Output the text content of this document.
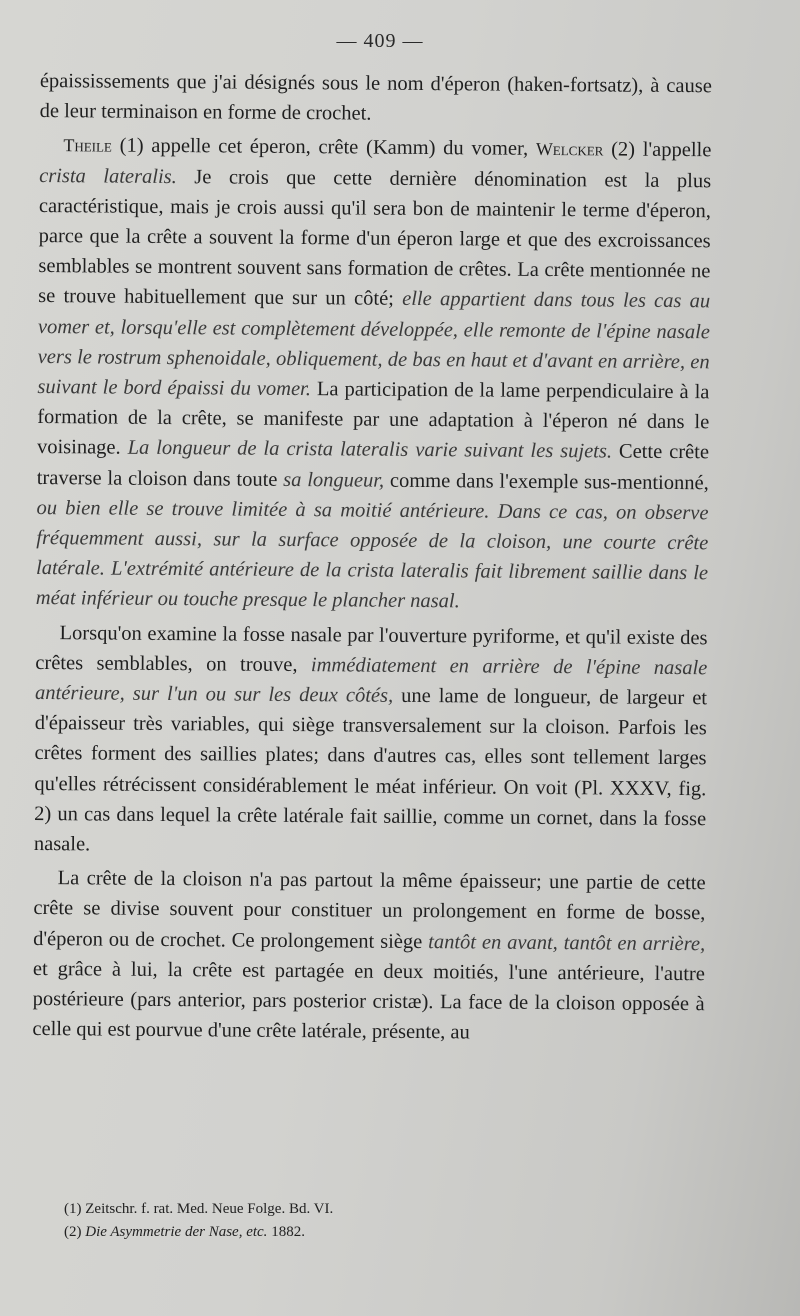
— 409 —

épaississements que j'ai désignés sous le nom d'éperon (haken-fortsatz), à cause de leur terminaison en forme de crochet.

Theile (1) appelle cet éperon, crête (Kamm) du vomer, Welcker (2) l'appelle crista lateralis. Je crois que cette dernière dénomination est la plus caractéristique, mais je crois aussi qu'il sera bon de maintenir le terme d'éperon, parce que la crête a souvent la forme d'un éperon large et que des excroissances semblables se montrent souvent sans formation de crêtes. La crête mentionnée ne se trouve habituellement que sur un côté; elle appartient dans tous les cas au vomer et, lorsqu'elle est complètement développée, elle remonte de l'épine nasale vers le rostrum sphenoidale, obliquement, de bas en haut et d'avant en arrière, en suivant le bord épaissi du vomer. La participation de la lame perpendiculaire à la formation de la crête, se manifeste par une adaptation à l'éperon né dans le voisinage. La longueur de la crista lateralis varie suivant les sujets. Cette crête traverse la cloison dans toute sa longueur, comme dans l'exemple sus-mentionné, ou bien elle se trouve limitée à sa moitié antérieure. Dans ce cas, on observe fréquemment aussi, sur la surface opposée de la cloison, une courte crête latérale. L'extrémité antérieure de la crista lateralis fait librement saillie dans le méat inférieur ou touche presque le plancher nasal.

Lorsqu'on examine la fosse nasale par l'ouverture pyriforme, et qu'il existe des crêtes semblables, on trouve, immédiatement en arrière de l'épine nasale antérieure, sur l'un ou sur les deux côtés, une lame de longueur, de largeur et d'épaisseur très variables, qui siège transversalement sur la cloison. Parfois les crêtes forment des saillies plates; dans d'autres cas, elles sont tellement larges qu'elles rétrécissent considérablement le méat inférieur. On voit (Pl. XXXV, fig. 2) un cas dans lequel la crête latérale fait saillie, comme un cornet, dans la fosse nasale.

La crête de la cloison n'a pas partout la même épaisseur; une partie de cette crête se divise souvent pour constituer un prolongement en forme de bosse, d'éperon ou de crochet. Ce prolongement siège tantôt en avant, tantôt en arrière, et grâce à lui, la crête est partagée en deux moitiés, l'une antérieure, l'autre postérieure (pars anterior, pars posterior cristæ). La face de la cloison opposée à celle qui est pourvue d'une crête latérale, présente, au

(1) Zeitschr. f. rat. Med. Neue Folge. Bd. VI.
(2) Die Asymmetrie der Nase, etc. 1882.
